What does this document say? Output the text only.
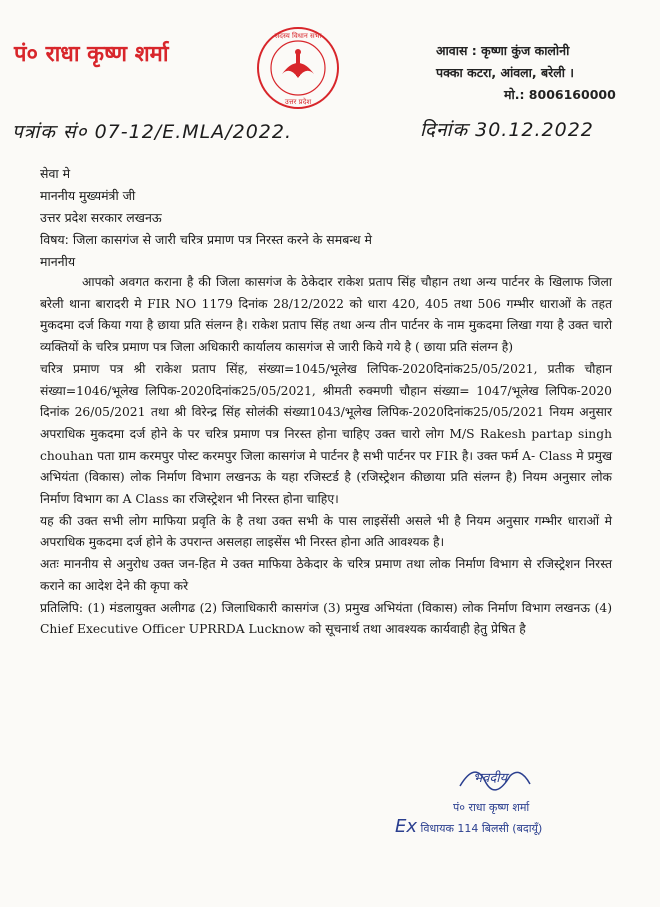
पं० राधा कृष्ण शर्मा
सदस्य विधान सभा
उत्तर प्रदेश
आवास : कृष्णा कुंज कालोनी
पक्का कटरा, आंवला, बरेली ।
मो.: 8006160000
पत्रांक सं० 07-12/E.MLA/2022.	दिनांक 30.12.2022
सेवा मे
माननीय मुख्यमंत्री जी
उत्तर प्रदेश सरकार लखनऊ
विषय: जिला कासगंज से जारी चरित्र प्रमाण पत्र निरस्त करने के समबन्ध मे
माननीय

आपको अवगत कराना है की जिला कासगंज के ठेकेदार राकेश प्रताप सिंह चौहान तथा अन्य पार्टनर के खिलाफ जिला बरेली थाना बारादरी मे FIR NO 1179 दिनांक 28/12/2022 को धारा 420, 405 तथा 506 गम्भीर धाराओं के तहत मुकदमा दर्ज किया गया है छाया प्रति संलग्न है। राकेश प्रताप सिंह तथा अन्य तीन पार्टनर के नाम मुकदमा लिखा गया है उक्त चारो व्यक्तियों के चरित्र प्रमाण पत्र जिला अधिकारी कार्यालय कासगंज से जारी किये गये है ( छाया प्रति संलग्न है)

चरित्र प्रमाण पत्र श्री राकेश प्रताप सिंह, संख्या=1045/भूलेख लिपिक-2020दिनांक25/05/2021, प्रतीक चौहान संख्या=1046/भूलेख लिपिक-2020दिनांक25/05/2021, श्रीमती रुक्मणी चौहान संख्या= 1047/भूलेख लिपिक-2020 दिनांक 26/05/2021 तथा श्री विरेन्द्र सिंह सोलंकी संख्या1043/भूलेख लिपिक-2020दिनांक25/05/2021 नियम अनुसार अपराधिक मुकदमा दर्ज होने के पर चरित्र प्रमाण पत्र निरस्त होना चाहिए उक्त चारो लोग M/S Rakesh partap singh chouhan पता ग्राम करमपुर पोस्ट करमपुर जिला कासगंज मे पार्टनर है सभी पार्टनर पर FIR है। उक्त फर्म A- Class मे प्रमुख अभियंता (विकास) लोक निर्माण विभाग लखनऊ के यहा रजिस्टर्ड है (रजिस्ट्रेशन कीछाया प्रति संलग्न है) नियम अनुसार लोक निर्माण विभाग का A Class का रजिस्ट्रेशन भी निरस्त होना चाहिए।

यह की उक्त सभी लोग माफिया प्रवृति के है तथा उक्त सभी के पास लाइसेंसी असले भी है नियम अनुसार गम्भीर धाराओं मे अपराधिक मुकदमा दर्ज होने के उपरान्त असलहा लाइसेंस भी निरस्त होना अति आवश्यक है।

अतः माननीय से अनुरोध उक्त जन-हित मे उक्त माफिया ठेकेदार के चरित्र प्रमाण तथा लोक निर्माण विभाग से रजिस्ट्रेशन निरस्त कराने का आदेश देने की कृपा करे

प्रतिलिपि: (1) मंडलायुक्त अलीगढ (2) जिलाधिकारी कासगंज (3) प्रमुख अभियंता (विकास) लोक निर्माण विभाग लखनऊ (4) Chief Executive Officer UPRRDA Lucknow को सूचनार्थ तथा आवश्यक कार्यवाही हेतु प्रेषित है

भवदीय
पं० राधा कृष्ण शर्मा
Ex विधायक 114 बिलसी (बदायूँ)
